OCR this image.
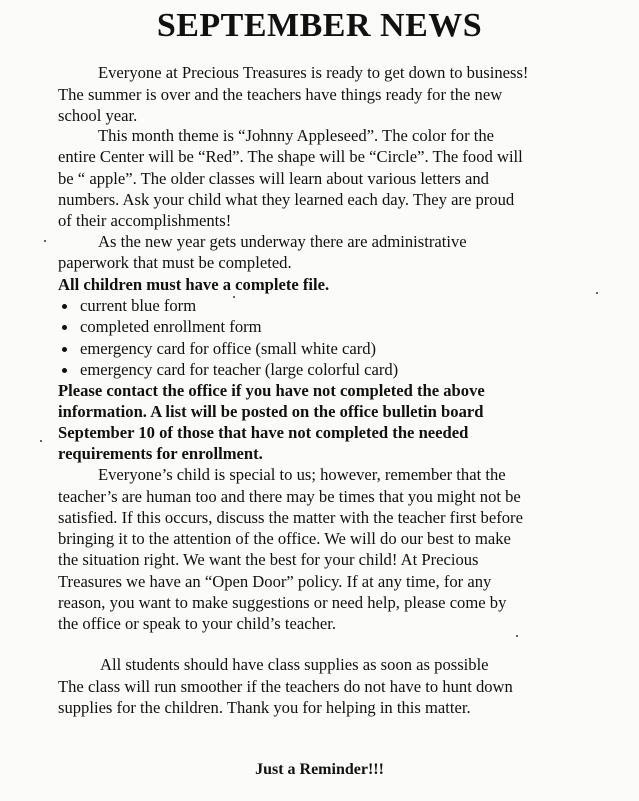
SEPTEMBER NEWS
Everyone at Precious Treasures is ready to get down to business!
The summer is over and the teachers have things ready for the new
school year.
This month theme is “Johnny Appleseed”. The color for the
entire Center will be “Red”. The shape will be “Circle”. The food will
be “ apple”. The older classes will learn about various letters and
numbers. Ask your child what they learned each day. They are proud
of their accomplishments!
As the new year gets underway there are administrative
paperwork that must be completed.
All children must have a complete file.
current blue form
completed enrollment form
emergency card for office (small white card)
emergency card for teacher (large colorful card)
Please contact the office if you have not completed the above
information. A list will be posted on the office bulletin board
September 10 of those that have not completed the needed
requirements for enrollment.
Everyone’s child is special to us; however, remember that the
teacher’s are human too and there may be times that you might not be
satisfied. If this occurs, discuss the matter with the teacher first before
bringing it to the attention of the office. We will do our best to make
the situation right. We want the best for your child! At Precious
Treasures we have an “Open Door” policy. If at any time, for any
reason, you want to make suggestions or need help, please come by
the office or speak to your child’s teacher.
All students should have class supplies as soon as possible
The class will run smoother if the teachers do not have to hunt down
supplies for the children. Thank you for helping in this matter.
Just a Reminder!!!
